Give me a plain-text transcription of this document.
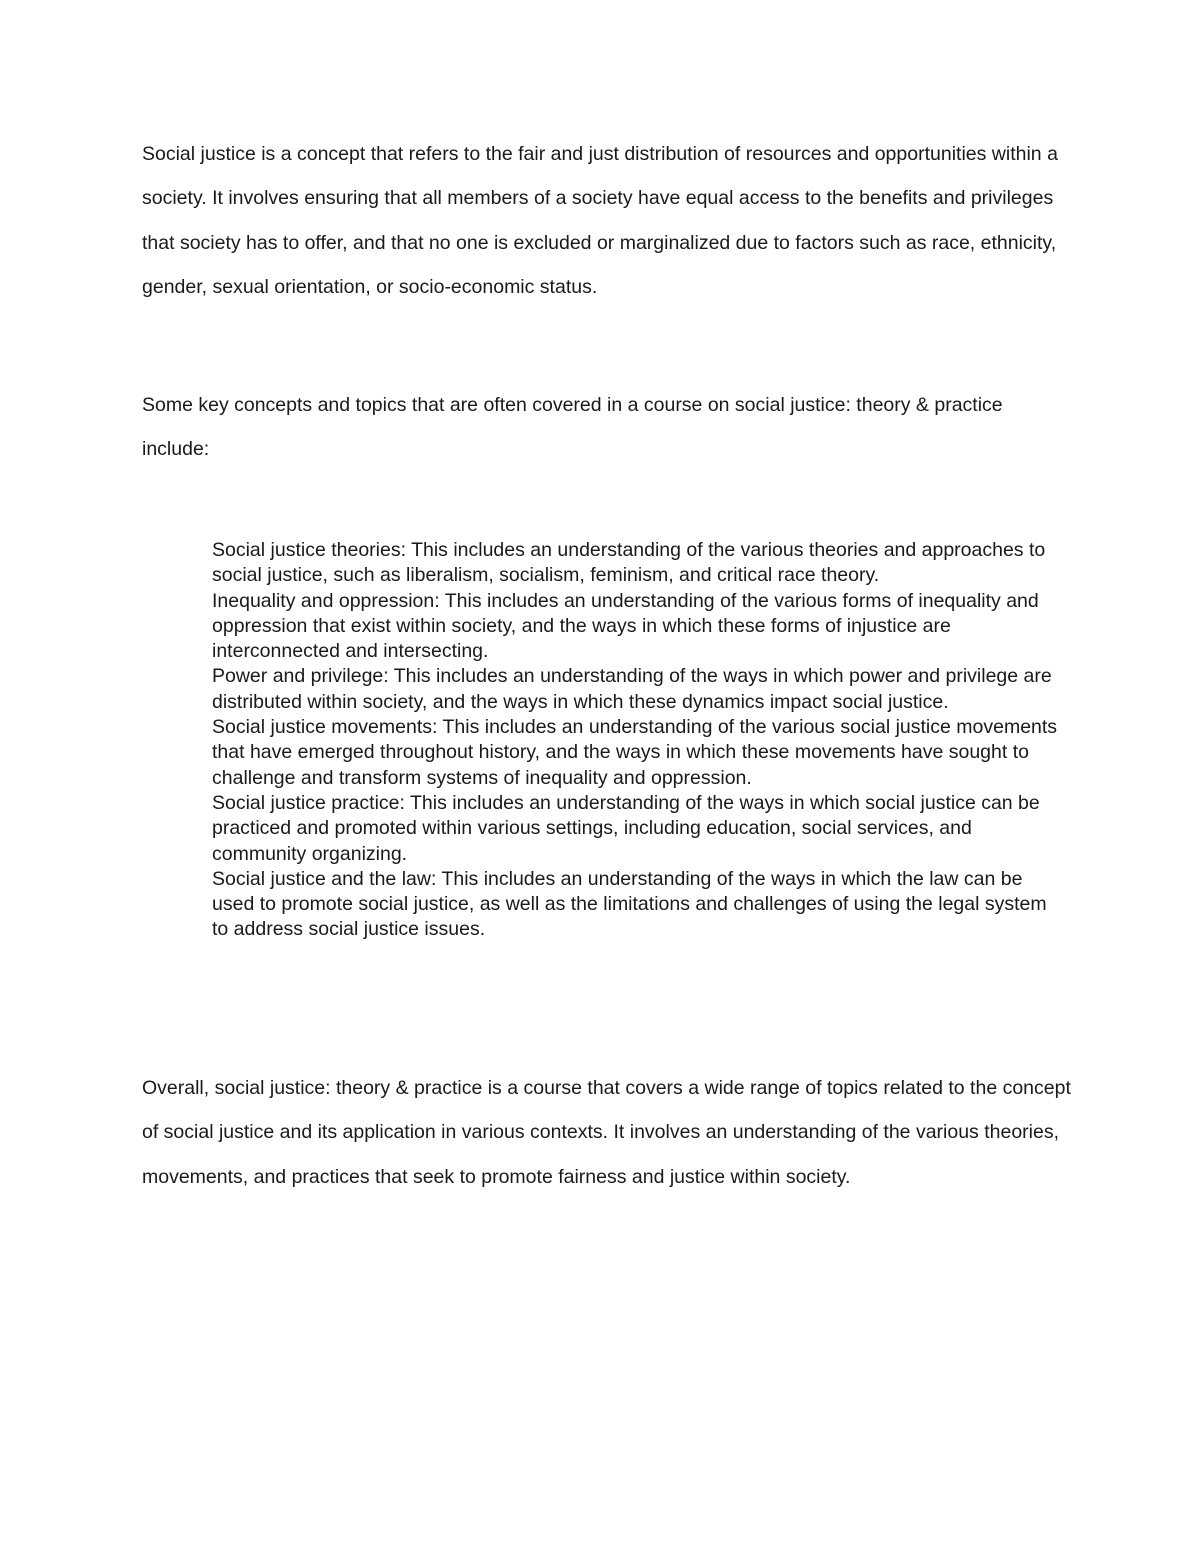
Social justice is a concept that refers to the fair and just distribution of resources and opportunities within a society. It involves ensuring that all members of a society have equal access to the benefits and privileges that society has to offer, and that no one is excluded or marginalized due to factors such as race, ethnicity, gender, sexual orientation, or socio-economic status.

Some key concepts and topics that are often covered in a course on social justice: theory & practice include:

Social justice theories: This includes an understanding of the various theories and approaches to social justice, such as liberalism, socialism, feminism, and critical race theory.
Inequality and oppression: This includes an understanding of the various forms of inequality and oppression that exist within society, and the ways in which these forms of injustice are interconnected and intersecting.
Power and privilege: This includes an understanding of the ways in which power and privilege are distributed within society, and the ways in which these dynamics impact social justice.
Social justice movements: This includes an understanding of the various social justice movements that have emerged throughout history, and the ways in which these movements have sought to challenge and transform systems of inequality and oppression.
Social justice practice: This includes an understanding of the ways in which social justice can be practiced and promoted within various settings, including education, social services, and community organizing.
Social justice and the law: This includes an understanding of the ways in which the law can be used to promote social justice, as well as the limitations and challenges of using the legal system to address social justice issues.

Overall, social justice: theory & practice is a course that covers a wide range of topics related to the concept of social justice and its application in various contexts. It involves an understanding of the various theories, movements, and practices that seek to promote fairness and justice within society.
